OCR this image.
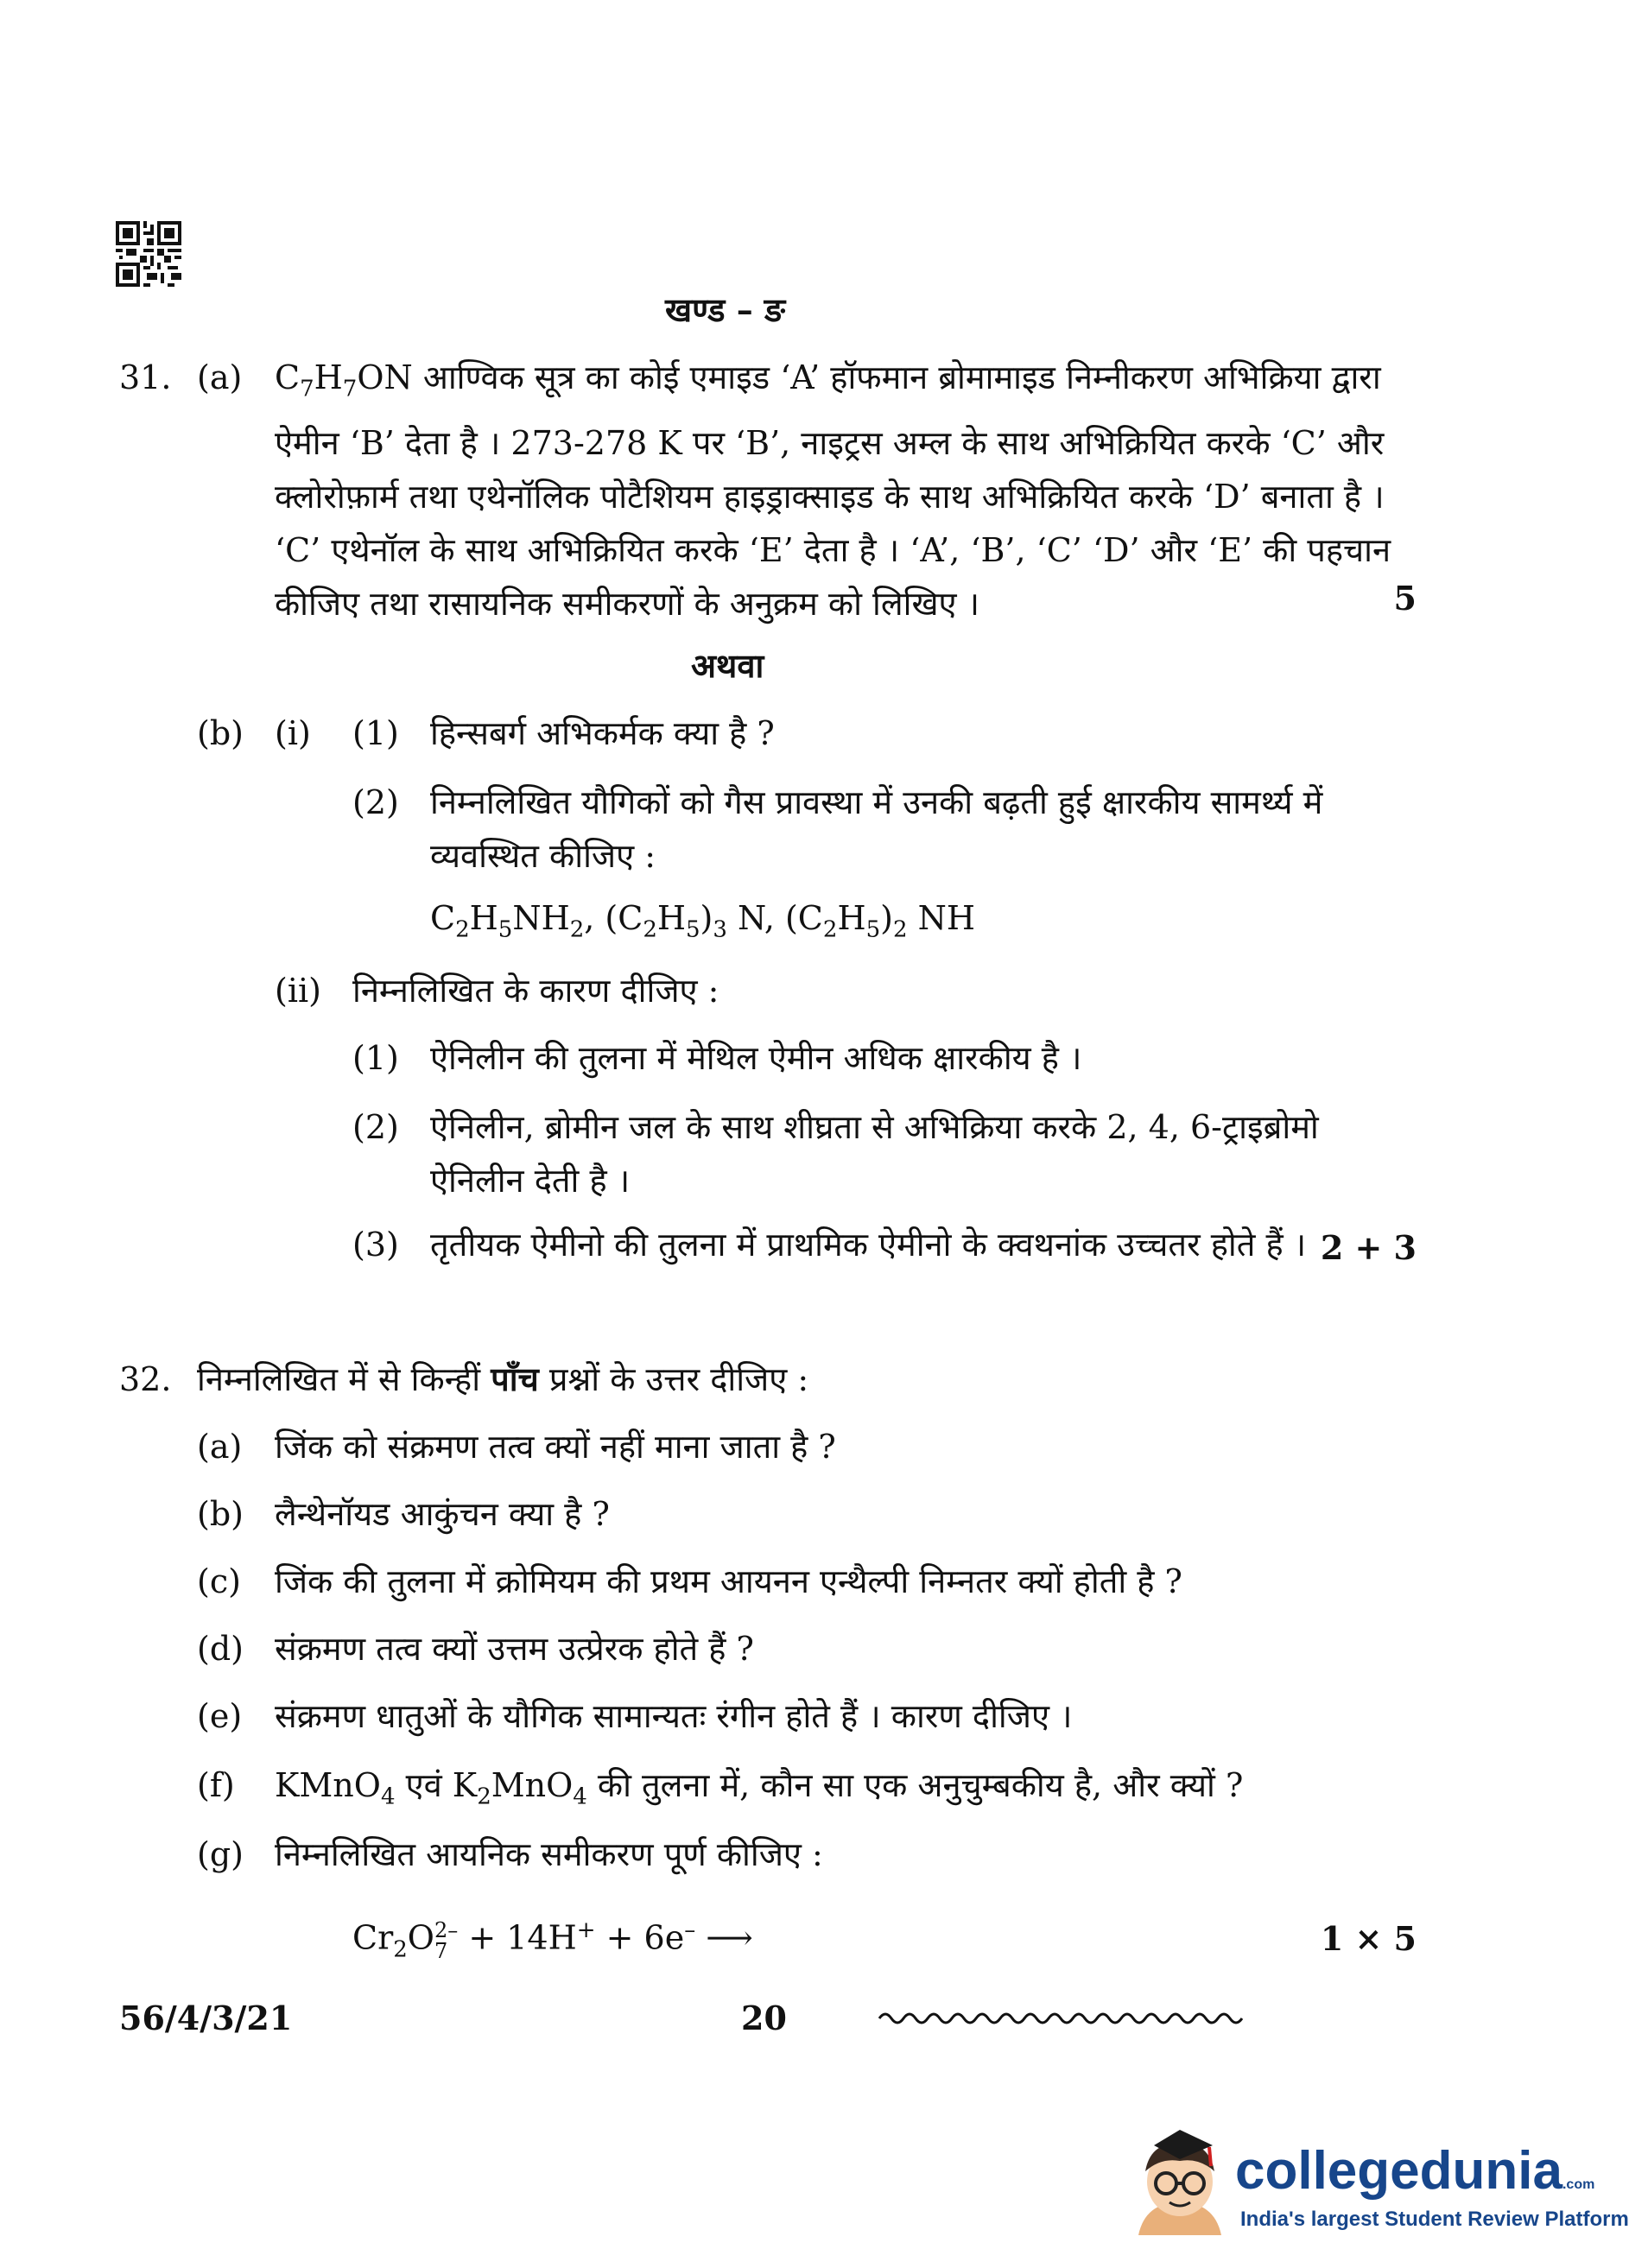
खण्ड – ङ
31. (a) $C_7H_7ON$ आण्विक सूत्र का कोई एमाइड ‘A’ हॉफमान ब्रोमामाइड निम्नीकरण अभिक्रिया द्वारा
ऐमीन ‘B’ देता है । 273-278 K पर ‘B’, नाइट्रस अम्ल के साथ अभिक्रियित करके ‘C’ और
क्लोरोफ़ार्म तथा एथेनॉलिक पोटैशियम हाइड्राक्साइड के साथ अभिक्रियित करके ‘D’ बनाता है ।
‘C’ एथेनॉल के साथ अभिक्रियित करके ‘E’ देता है । ‘A’, ‘B’, ‘C’ ‘D’ और ‘E’ की पहचान
कीजिए तथा रासायनिक समीकरणों के अनुक्रम को लिखिए ।	5
अथवा
(b) (i) (1) हिन्सबर्ग अभिकर्मक क्या है ?
(2) निम्नलिखित यौगिकों को गैस प्रावस्था में उनकी बढ़ती हुई क्षारकीय सामर्थ्य में
व्यवस्थित कीजिए :
$C_2H_5NH_2$, $(C_2H_5)_3$ N, $(C_2H_5)_2$ NH
(ii) निम्नलिखित के कारण दीजिए :
(1) ऐनिलीन की तुलना में मेथिल ऐमीन अधिक क्षारकीय है ।
(2) ऐनिलीन, ब्रोमीन जल के साथ शीघ्रता से अभिक्रिया करके 2, 4, 6-ट्राइब्रोमो
ऐनिलीन देती है ।
(3) तृतीयक ऐमीनो की तुलना में प्राथमिक ऐमीनो के क्वथनांक उच्चतर होते हैं । 2 + 3
32. निम्नलिखित में से किन्हीं पाँच प्रश्नों के उत्तर दीजिए :
(a) जिंक को संक्रमण तत्व क्यों नहीं माना जाता है ?
(b) लैन्थेनॉयड आकुंचन क्या है ?
(c) जिंक की तुलना में क्रोमियम की प्रथम आयनन एन्थैल्पी निम्नतर क्यों होती है ?
(d) संक्रमण तत्व क्यों उत्तम उत्प्रेरक होते हैं ?
(e) संक्रमण धातुओं के यौगिक सामान्यतः रंगीन होते हैं । कारण दीजिए ।
(f) KMnO$_4$ एवं $K_2MnO_4$ की तुलना में, कौन सा एक अनुचुम्बकीय है, और क्यों ?
(g) निम्नलिखित आयनिक समीकरण पूर्ण कीजिए :
$Cr_2O$ 2–
7 + 14H+ + 6e– ⟶	1 × 5
56/4/3/21	20
collegedunia.com
India's largest Student Review Platform
